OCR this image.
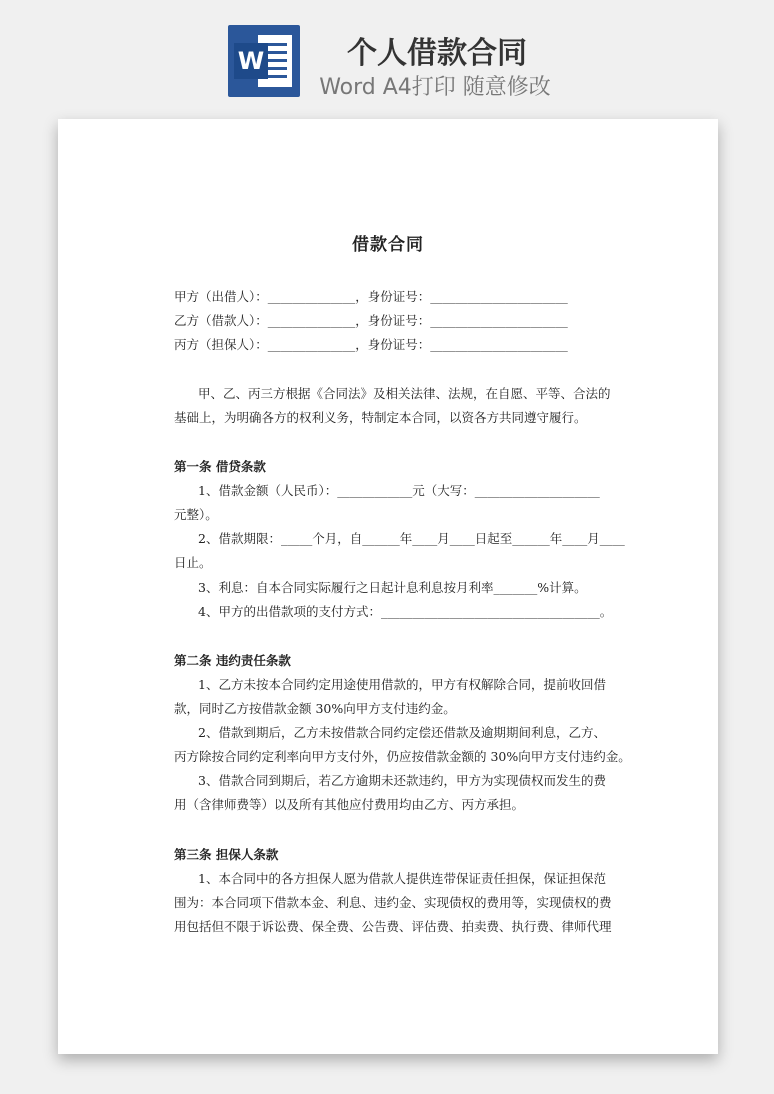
W	个人借款合同
Word A4打印 随意修改
借款合同
甲方（出借人）：______________，身份证号：______________________
乙方（借款人）：______________，身份证号：______________________
丙方（担保人）：______________，身份证号：______________________
甲、乙、丙三方根据《合同法》及相关法律、法规，在自愿、平等、合法的
基础上，为明确各方的权利义务，特制定本合同，以资各方共同遵守履行。
第一条 借贷条款
1、借款金额（人民币）：____________元（大写：____________________
元整）。
2、借款期限：_____个月，自______年____月____日起至______年____月____
日止。
3、利息：自本合同实际履行之日起计息利息按月利率_______%计算。
4、甲方的出借款项的支付方式：___________________________________。
第二条 违约责任条款
1、乙方未按本合同约定用途使用借款的，甲方有权解除合同，提前收回借
款，同时乙方按借款金额 30%向甲方支付违约金。
2、借款到期后，乙方未按借款合同约定偿还借款及逾期期间利息，乙方、
丙方除按合同约定利率向甲方支付外，仍应按借款金额的 30%向甲方支付违约金。
3、借款合同到期后，若乙方逾期未还款违约，甲方为实现债权而发生的费
用（含律师费等）以及所有其他应付费用均由乙方、丙方承担。
第三条 担保人条款
1、本合同中的各方担保人愿为借款人提供连带保证责任担保，保证担保范
围为：本合同项下借款本金、利息、违约金、实现债权的费用等，实现债权的费
用包括但不限于诉讼费、保全费、公告费、评估费、拍卖费、执行费、律师代理
